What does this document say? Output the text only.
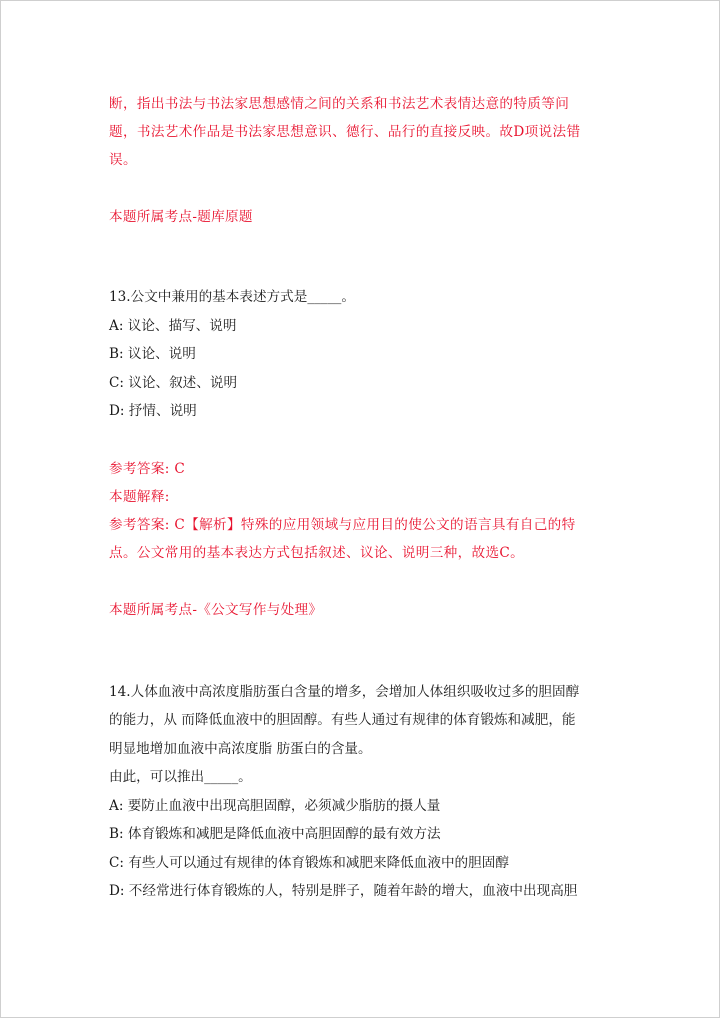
断，指出书法与书法家思想感情之间的关系和书法艺术表情达意的特质等问
题，书法艺术作品是书法家思想意识、德行、品行的直接反映。故D项说法错
误。
本题所属考点-题库原题
13.公文中兼用的基本表述方式是_____。
A: 议论、描写、说明
B: 议论、说明
C: 议论、叙述、说明
D: 抒情、说明
参考答案: C
本题解释:
参考答案: C【解析】特殊的应用领域与应用目的使公文的语言具有自己的特
点。公文常用的基本表达方式包括叙述、议论、说明三种，故选C。
本题所属考点-《公文写作与处理》
14.人体血液中高浓度脂肪蛋白含量的增多，会增加人体组织吸收过多的胆固醇
的能力，从 而降低血液中的胆固醇。有些人通过有规律的体育锻炼和减肥，能
明显地增加血液中高浓度脂 肪蛋白的含量。
由此，可以推出_____。
A: 要防止血液中出现高胆固醇，必须减少脂肪的摄人量
B: 体育锻炼和减肥是降低血液中高胆固醇的最有效方法
C: 有些人可以通过有规律的体育锻炼和减肥来降低血液中的胆固醇
D: 不经常进行体育锻炼的人，特别是胖子，随着年龄的增大，血液中出现高胆
